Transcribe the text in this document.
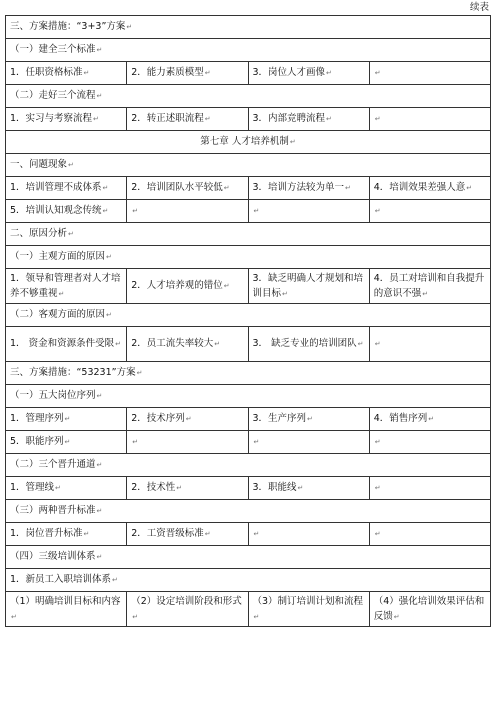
续表
三、方案措施：“3+3”方案↵			
（一）建全三个标准↵			
1．任职资格标准↵	2．能力素质模型↵	3．岗位人才画像↵	↵
（二）走好三个流程↵			
1．实习与考察流程↵	2．转正述职流程↵	3．内部竞聘流程↵	↵
第七章 人才培养机制↵			
一、问题现象↵			
1．培训管理不成体系↵	2．培训团队水平较低↵	3．培训方法较为单一↵	4．培训效果差强人意↵
5．培训认知观念传统↵	↵	↵	↵
二、原因分析↵			
（一）主观方面的原因↵			
1．领导和管理者对人才培养不够重视↵	2．人才培养观的错位↵	3．缺乏明确人才规划和培训目标↵	4．员工对培训和自我提升的意识不强↵
（二）客观方面的原因↵			
1． 资金和资源条件受限↵	2．员工流失率较大↵	3． 缺乏专业的培训团队↵	↵
三、方案措施：“53231”方案↵			
（一）五大岗位序列↵			
1．管理序列↵	2．技术序列↵	3．生产序列↵	4．销售序列↵
5．职能序列↵	↵	↵	↵
（二）三个晋升通道↵			
1．管理线↵	2．技术性↵	3．职能线↵	↵
（三）两种晋升标准↵			
1．岗位晋升标准↵	2．工资晋级标准↵	↵	↵
（四）三级培训体系↵			
1．新员工入职培训体系↵			
（1）明确培训目标和内容↵	（2）设定培训阶段和形式↵	（3）制订培训计划和流程↵	（4）强化培训效果评估和反馈↵
